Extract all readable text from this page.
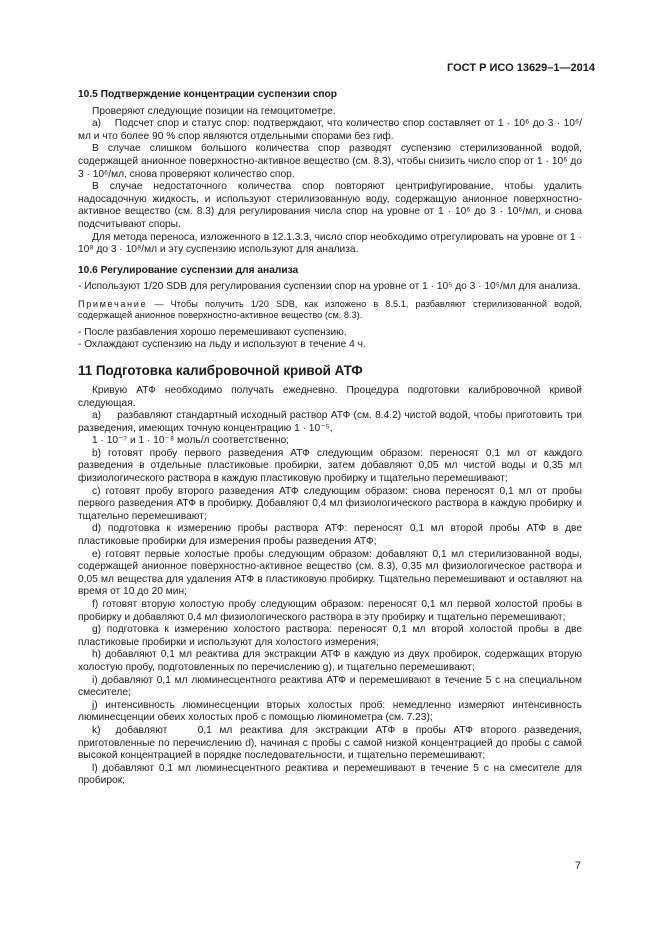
ГОСТ Р ИСО 13629–1—2014

10.5 Подтверждение концентрации суспензии спор

Проверяют следующие позиции на гемоцитометре.

а)    Подсчет спор и статус спор: подтверждают, что количество спор составляет от 1 · 10⁶ до 3 · 10⁶/мл и что более 90 % спор являются отдельными спорами без гиф.

В случае слишком большого количества спор разводят суспензию стерилизованной водой, содержащей анионное поверхностно-активное вещество (см. 8.3), чтобы снизить число спор от 1 · 10⁶ до 3 · 10⁶/мл, снова проверяют количество спор.

В случае недостаточного количества спор повторяют центрифугирование, чтобы удалить надосадочную жидкость, и используют стерилизованную воду, содержащую анионное поверхностно-активное вещество (см. 8.3) для регулирования числа спор на уровне от 1 · 10⁶ до 3 · 10⁶/мл, и снова подсчитывают споры.

Для метода переноса, изложенного в 12.1.3.3, число спор необходимо отрегулировать на уровне от 1 · 10⁸ до 3 · 10⁸/мл и эту суспензию используют для анализа.

10.6 Регулирование суспензии для анализа

- Используют 1/20 SDB для регулирования суспензии спор на уровне от 1 · 10⁵ до 3 · 10⁵/мл для анализа.

Примечание — Чтобы получить 1/20 SDB, как изложено в 8.5.1, разбавляют стерилизованной водой, содержащей анионное поверхностно-активное вещество (см. 8.3).

- После разбавления хорошо перемешивают суспензию.

- Охлаждают суспензию на льду и используют в течение 4 ч.

11 Подготовка калибровочной кривой АТФ

Кривую АТФ необходимо получать ежедневно. Процедура подготовки калибровочной кривой следующая.

а)     разбавляют стандартный исходный раствор АТФ (см. 8.4.2) чистой водой, чтобы приготовить три разведения, имеющих точную концентрацию 1 · 10⁻⁵,

1 · 10⁻⁷ и 1 · 10⁻⁸ моль/л соответственно;

b) готовят пробу первого разведения АТФ следующим образом: переносят 0,1 мл от каждого разведения в отдельные пластиковые пробирки, затем добавляют 0,05 мл чистой воды и 0,35 мл физиологического раствора в каждую пластиковую пробирку и тщательно перемешивают;

c) готовят пробу второго разведения АТФ следующим образом: снова переносят 0,1 мл от пробы первого разведения АТФ в пробирку. Добавляют 0,4 мл физиологического раствора в каждую пробирку и тщательно перемешивают;

d) подготовка к измерению пробы раствора АТФ: переносят 0,1 мл второй пробы АТФ в две пластиковые пробирки для измерения пробы разведения АТФ;

e) готовят первые холостые пробы следующим образом: добавляют 0,1 мл стерилизованной воды, содержащей анионное поверхностно-активное вещество (см. 8.3), 0,35 мл физиологическое раствора и 0,05 мл вещества для удаления АТФ в пластиковую пробирку. Тщательно перемешивают и оставляют на время от 10 до 20 мин;

f) готовят вторую холостую пробу следующим образом: переносят 0,1 мл первой холостой пробы в пробирку и добавляют 0,4 мл физиологического раствора в эту пробирку и тщательно перемешивают;

g) подготовка к измерению холостого раствора: переносят 0,1 мл второй холостой пробы в две пластиковые пробирки и используют для холостого измерения;

h) добавляют 0,1 мл реактива для экстракции АТФ в каждую из двух пробирок, содержащих вторую холостую пробу, подготовленных по перечислению g), и тщательно перемешивают;

i) добавляют 0,1 мл люминесцентного реактива АТФ и перемешивают в течение 5 с на специальном смесителе;

j) интенсивность люминесценции вторых холостых проб: немедленно измеряют интенсивность люминесценции обеих холостых проб с помощью люминометра (см. 7.23);

k)  добавляют    0,1 мл реактива для экстракции АТФ в пробы АТФ второго разведения, приготовленные по перечислению d), начиная с пробы с самой низкой концентрацией до пробы с самой высокой концентрацией в порядке последовательности, и тщательно перемешивают;

l) добавляют 0,1 мл люминесцентного реактива и перемешивают в течение 5 с на смесителе для пробирок;

7
